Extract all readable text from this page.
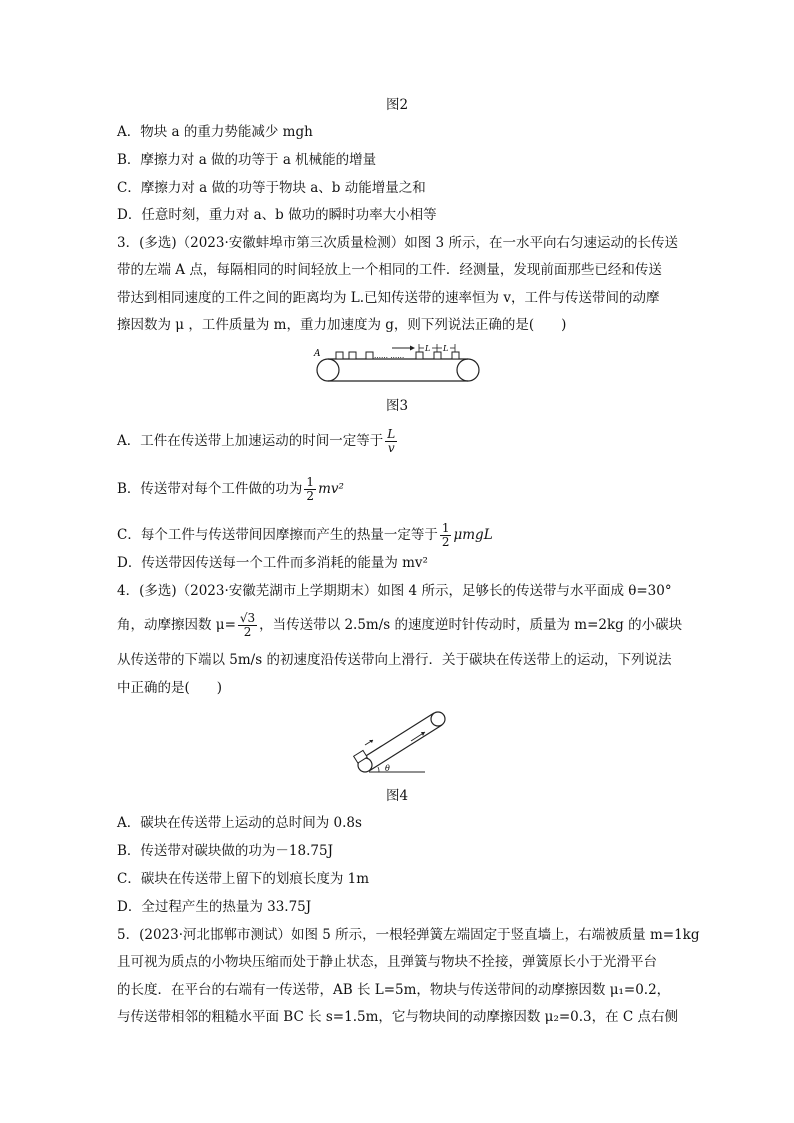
图2
A．物块 a 的重力势能减少 mgh
B．摩擦力对 a 做的功等于 a 机械能的增量
C．摩擦力对 a 做的功等于物块 a、b 动能增量之和
D．任意时刻，重力对 a、b 做功的瞬时功率大小相等
3．(多选)（2023·安徽蚌埠市第三次质量检测）如图 3 所示，在一水平向右匀速运动的长传送
带的左端 A 点，每隔相同的时间轻放上一个相同的工件．经测量，发现前面那些已经和传送
带达到相同速度的工件之间的距离均为 L.已知传送带的速率恒为 v，工件与传送带间的动摩
擦因数为 μ ，工件质量为 m，重力加速度为 g，则下列说法正确的是(　　)
A	…… ……
L L
图3
A．工件在传送带上加速运动的时间一定等于 $\frac{L}{v}$
B．传送带对每个工件做的功为 $\frac{1}{2} mv^2$
C．每个工件与传送带间因摩擦而产生的热量一定等于 $\frac{1}{2}$ μmgL
D．传送带因传送每一个工件而多消耗的能量为 mv²
4．(多选)（2023·安徽芜湖市上学期期末）如图 4 所示，足够长的传送带与水平面成 θ=30°
角，动摩擦因数 $\mu= \frac{√3}{2}$ ，当传送带以 2.5m/s 的速度逆时针传动时，质量为 m=2kg 的小碳块
从传送带的下端以 5m/s 的初速度沿传送带向上滑行．关于碳块在传送带上的运动，下列说法
中正确的是(　　)
θ
图4
A．碳块在传送带上运动的总时间为 0.8s
B．传送带对碳块做的功为－18.75J
C．碳块在传送带上留下的划痕长度为 1m
D．全过程产生的热量为 33.75J
5．(2023·河北邯郸市测试）如图 5 所示，一根轻弹簧左端固定于竖直墙上，右端被质量 m=1kg
且可视为质点的小物块压缩而处于静止状态，且弹簧与物块不拴接，弹簧原长小于光滑平台
的长度．在平台的右端有一传送带，AB 长 L=5m，物块与传送带间的动摩擦因数 μ₁=0.2，
与传送带相邻的粗糙水平面 BC 长 s=1.5m，它与物块间的动摩擦因数 μ₂=0.3，在 C 点右侧
